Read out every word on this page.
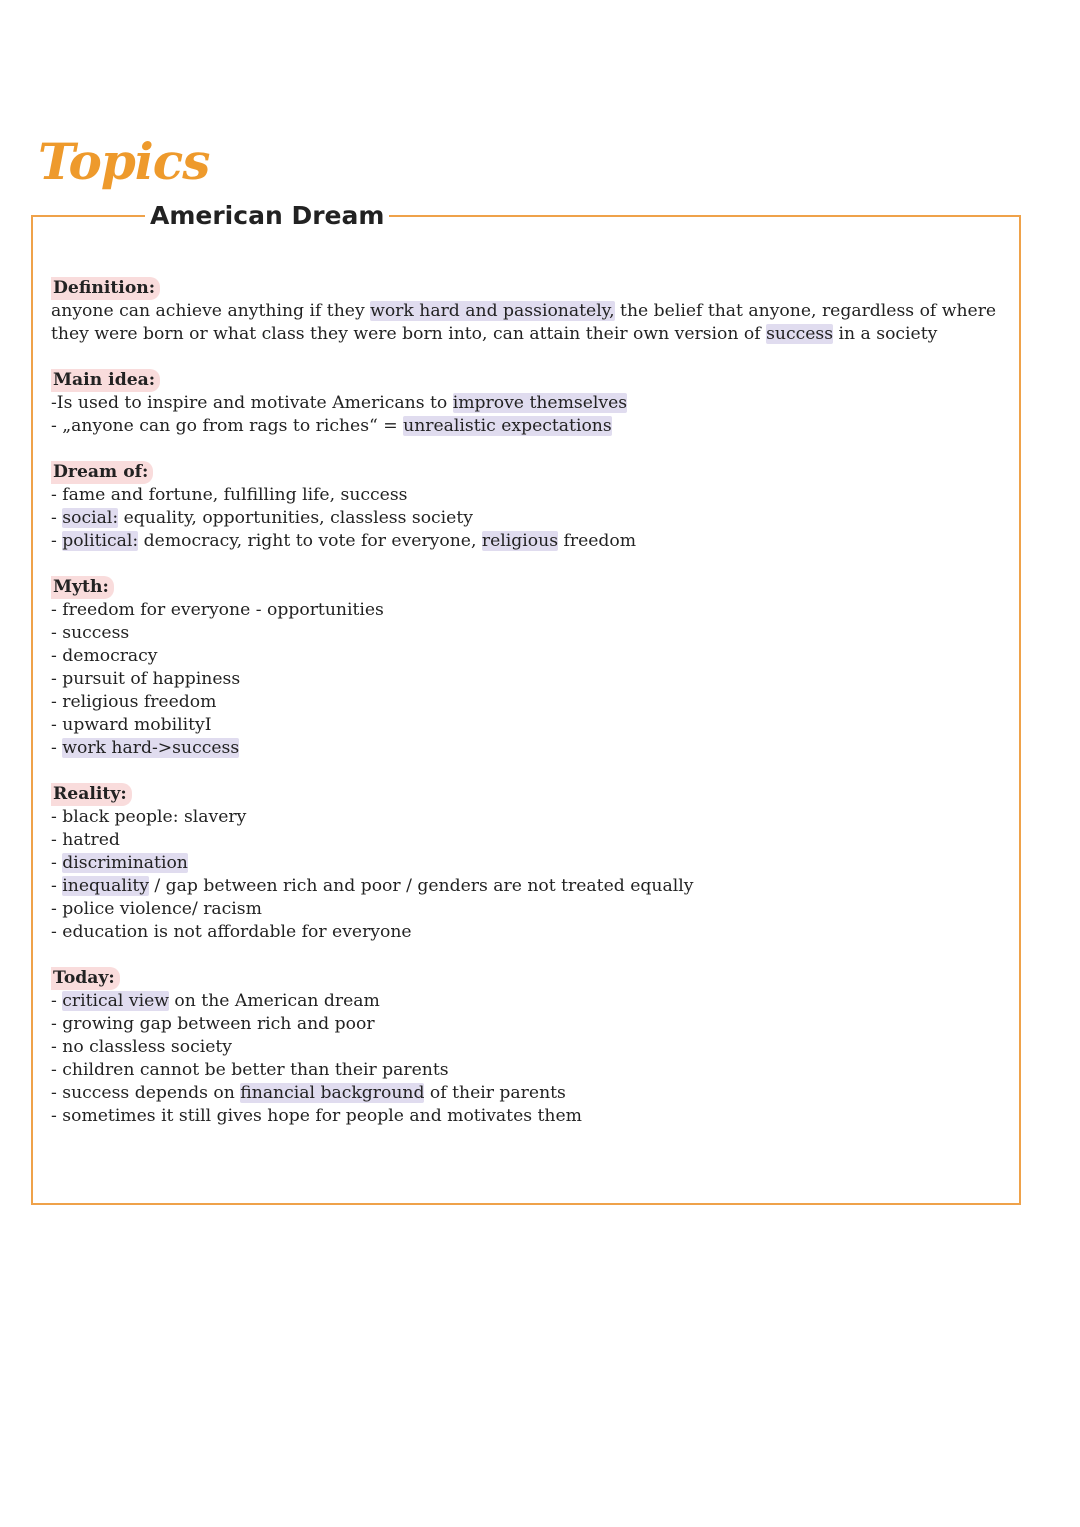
Topics
American Dream
Definition:
anyone can achieve anything if they work hard and passionately, the belief that anyone, regardless of where they were born or what class they were born into, can attain their own version of success in a society
Main idea:
-Is used to inspire and motivate Americans to improve themselves
- „anyone can go from rags to riches“ = unrealistic expectations
Dream of:
- fame and fortune, fulfilling life, success
- social: equality, opportunities, classless society
- political: democracy, right to vote for everyone, religious freedom
Myth:
- freedom for everyone - opportunities
- success
- democracy
- pursuit of happiness
- religious freedom
- upward mobilityI
- work hard->success
Reality:
- black people: slavery
- hatred
- discrimination
- inequality / gap between rich and poor / genders are not treated equally
- police violence/ racism
- education is not affordable for everyone
Today:
- critical view on the American dream
- growing gap between rich and poor
- no classless society
- children cannot be better than their parents
- success depends on financial background of their parents
- sometimes it still gives hope for people and motivates them
